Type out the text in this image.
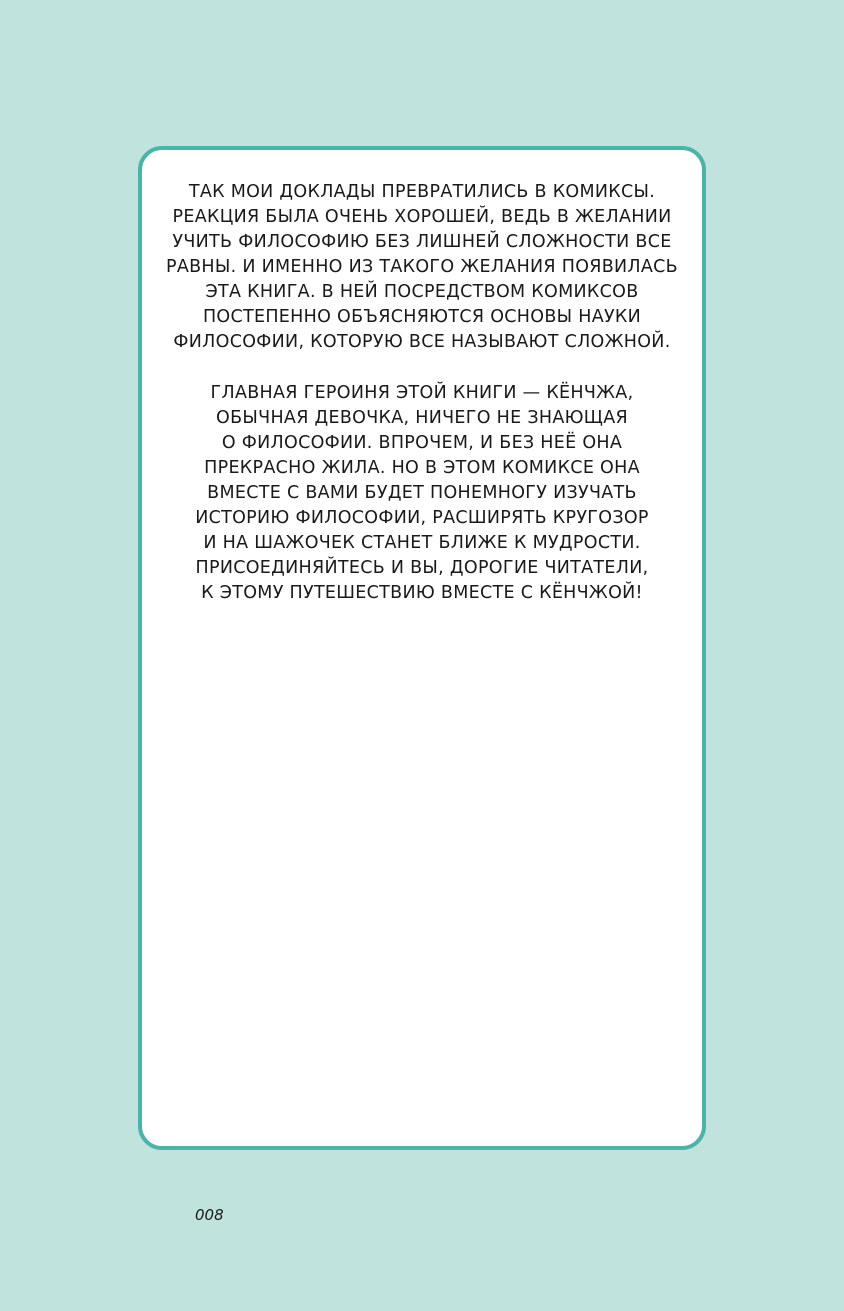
ТАК МОИ ДОКЛАДЫ ПРЕВРАТИЛИСЬ В КОМИКСЫ.
РЕАКЦИЯ БЫЛА ОЧЕНЬ ХОРОШЕЙ, ВЕДЬ В ЖЕЛАНИИ
УЧИТЬ ФИЛОСОФИЮ БЕЗ ЛИШНЕЙ СЛОЖНОСТИ ВСЕ
РАВНЫ. И ИМЕННО ИЗ ТАКОГО ЖЕЛАНИЯ ПОЯВИЛАСЬ
ЭТА КНИГА. В НЕЙ ПОСРЕДСТВОМ КОМИКСОВ
ПОСТЕПЕННО ОБЪЯСНЯЮТСЯ ОСНОВЫ НАУКИ
ФИЛОСОФИИ, КОТОРУЮ ВСЕ НАЗЫВАЮТ СЛОЖНОЙ.

ГЛАВНАЯ ГЕРОИНЯ ЭТОЙ КНИГИ — КЁНЧЖА,
ОБЫЧНАЯ ДЕВОЧКА, НИЧЕГО НЕ ЗНАЮЩАЯ
О ФИЛОСОФИИ. ВПРОЧЕМ, И БЕЗ НЕЁ ОНА
ПРЕКРАСНО ЖИЛА. НО В ЭТОМ КОМИКСЕ ОНА
ВМЕСТЕ С ВАМИ БУДЕТ ПОНЕМНОГУ ИЗУЧАТЬ
ИСТОРИЮ ФИЛОСОФИИ, РАСШИРЯТЬ КРУГОЗОР
И НА ШАЖОЧЕК СТАНЕТ БЛИЖЕ К МУДРОСТИ.
ПРИСОЕДИНЯЙТЕСЬ И ВЫ, ДОРОГИЕ ЧИТАТЕЛИ,
К ЭТОМУ ПУТЕШЕСТВИЮ ВМЕСТЕ С КЁНЧЖОЙ!

008
